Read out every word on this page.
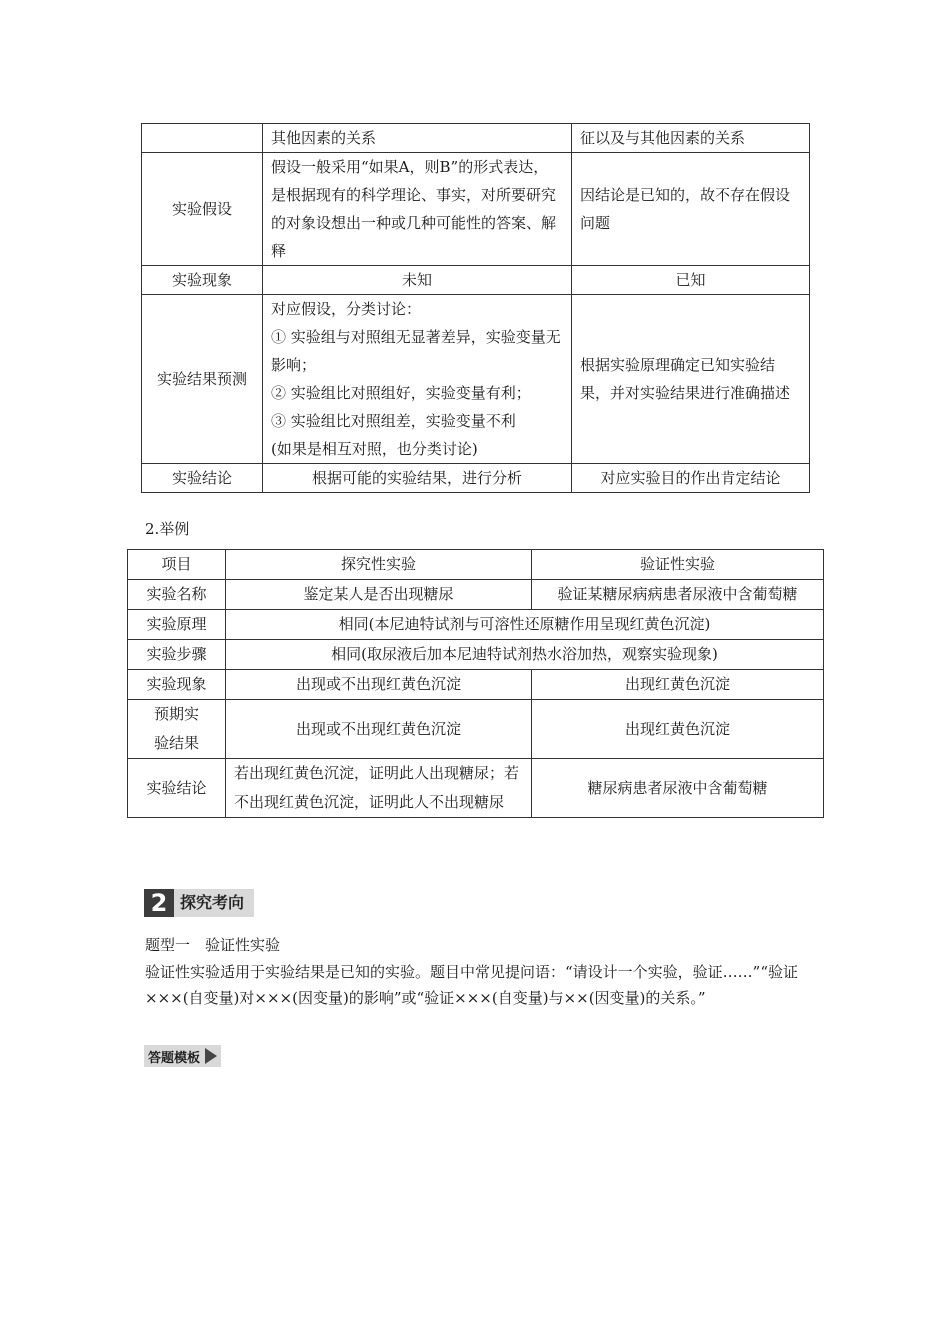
	其他因素的关系	征以及与其他因素的关系
实验假设	假设一般采用“如果A，则B”的形式表达，是根据现有的科学理论、事实，对所要研究的对象设想出一种或几种可能性的答案、解释	因结论是已知的，故不存在假设问题
实验现象	未知	已知
实验结果预测	对应假设，分类讨论：
① 实验组与对照组无显著差异，实验变量无影响；
② 实验组比对照组好，实验变量有利；
③ 实验组比对照组差，实验变量不利
(如果是相互对照，也分类讨论)	根据实验原理确定已知实验结果，并对实验结果进行准确描述
实验结论	根据可能的实验结果，进行分析	对应实验目的作出肯定结论
2.举例
项目	探究性实验	验证性实验
实验名称	鉴定某人是否出现糖尿	验证某糖尿病病患者尿液中含葡萄糖
实验原理	相同(本尼迪特试剂与可溶性还原糖作用呈现红黄色沉淀)	
实验步骤	相同(取尿液后加本尼迪特试剂热水浴加热，观察实验现象)	
实验现象	出现或不出现红黄色沉淀	出现红黄色沉淀
预期实验结果	出现或不出现红黄色沉淀	出现红黄色沉淀
实验结论	若出现红黄色沉淀，证明此人出现糖尿；若不出现红黄色沉淀，证明此人不出现糖尿	糖尿病患者尿液中含葡萄糖
2 探究考向
题型一　验证性实验
验证性实验适用于实验结果是已知的实验。题目中常见提问语：“请设计一个实验，验证……”“验证×××(自变量)对×××(因变量)的影响”或“验证×××(自变量)与××(因变量)的关系。”
答题模板
